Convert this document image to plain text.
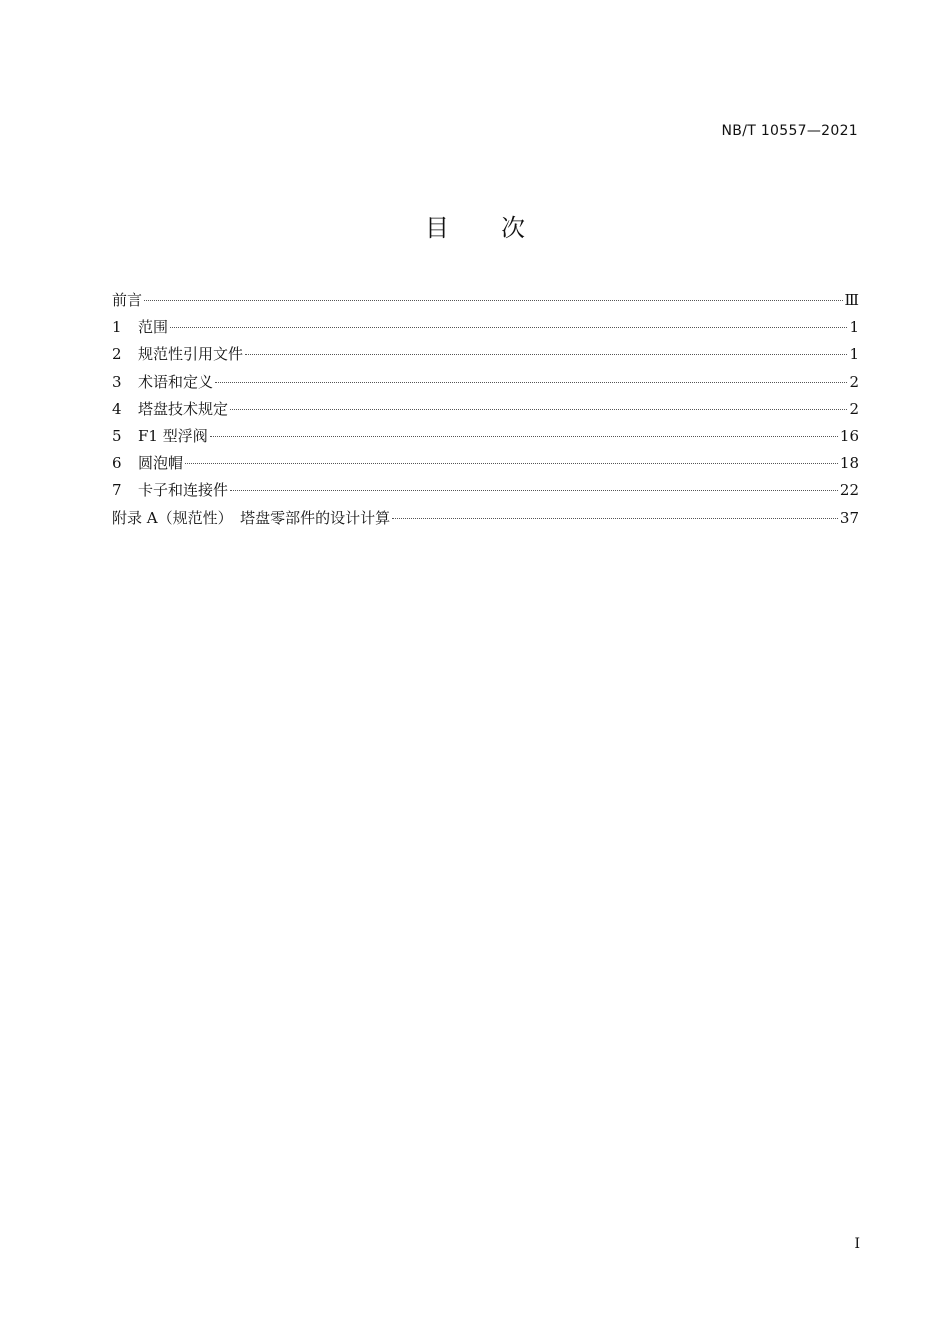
NB/T 10557—2021
目 次
前言	Ⅲ
1	范围	1
2	规范性引用文件	1
3	术语和定义	2
4	塔盘技术规定	2
5	F1 型浮阀	16
6	圆泡帽	18
7	卡子和连接件	22
附录 A（规范性）　塔盘零部件的设计计算	37
I
